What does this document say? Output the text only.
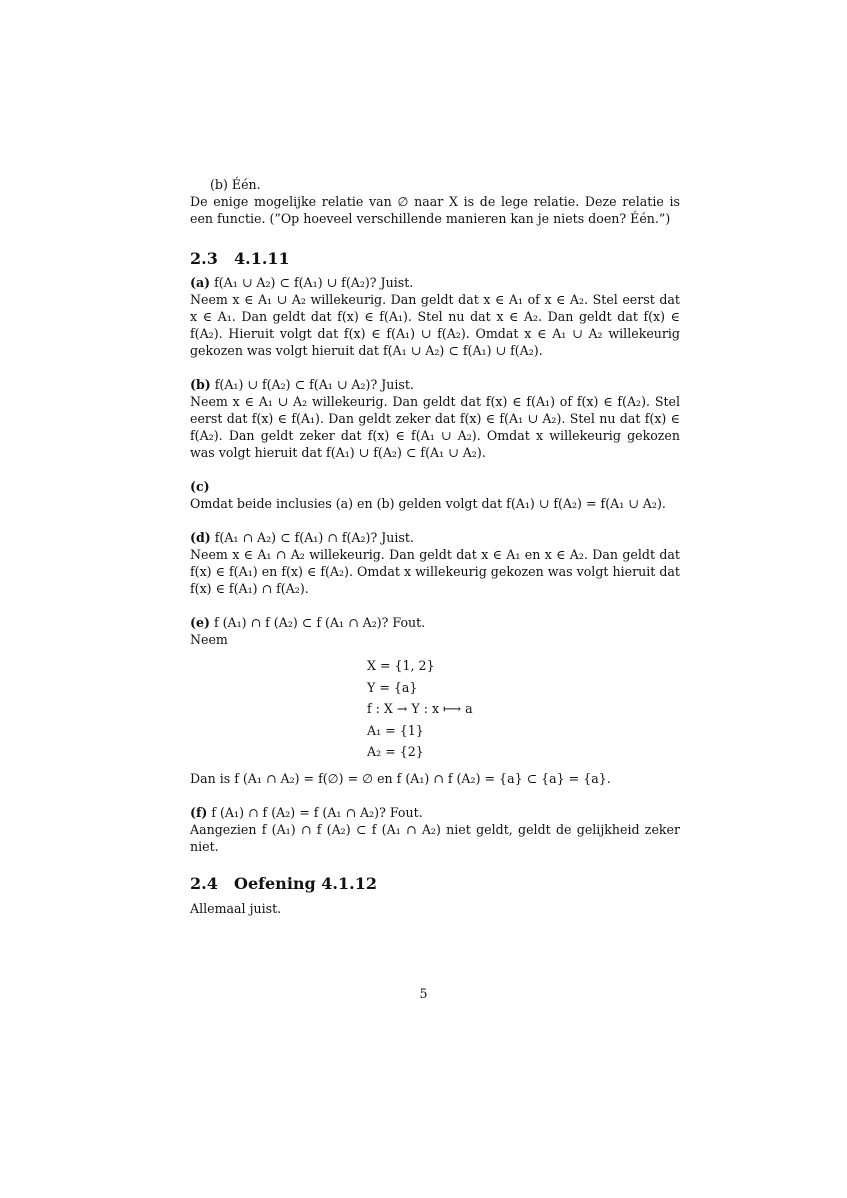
(b) Één.

De enige mogelijke relatie van ∅ naar X is de lege relatie. Deze relatie is een functie. (”Op hoeveel verschillende manieren kan je niets doen? Één.”)

2.3 4.1.11

(a) f(A₁ ∪ A₂) ⊂ f(A₁) ∪ f(A₂)? Juist.

Neem x ∈ A₁ ∪ A₂ willekeurig. Dan geldt dat x ∈ A₁ of x ∈ A₂. Stel eerst dat x ∈ A₁. Dan geldt dat f(x) ∈ f(A₁). Stel nu dat x ∈ A₂. Dan geldt dat f(x) ∈ f(A₂). Hieruit volgt dat f(x) ∈ f(A₁) ∪ f(A₂). Omdat x ∈ A₁ ∪ A₂ willekeurig gekozen was volgt hieruit dat f(A₁ ∪ A₂) ⊂ f(A₁) ∪ f(A₂).

(b) f(A₁) ∪ f(A₂) ⊂ f(A₁ ∪ A₂)? Juist.

Neem x ∈ A₁ ∪ A₂ willekeurig. Dan geldt dat f(x) ∈ f(A₁) of f(x) ∈ f(A₂). Stel eerst dat f(x) ∈ f(A₁). Dan geldt zeker dat f(x) ∈ f(A₁ ∪ A₂). Stel nu dat f(x) ∈ f(A₂). Dan geldt zeker dat f(x) ∈ f(A₁ ∪ A₂). Omdat x willekeurig gekozen was volgt hieruit dat f(A₁) ∪ f(A₂) ⊂ f(A₁ ∪ A₂).

(c)

Omdat beide inclusies (a) en (b) gelden volgt dat f(A₁) ∪ f(A₂) = f(A₁ ∪ A₂).

(d) f(A₁ ∩ A₂) ⊂ f(A₁) ∩ f(A₂)? Juist.

Neem x ∈ A₁ ∩ A₂ willekeurig. Dan geldt dat x ∈ A₁ en x ∈ A₂. Dan geldt dat f(x) ∈ f(A₁) en f(x) ∈ f(A₂). Omdat x willekeurig gekozen was volgt hieruit dat f(x) ∈ f(A₁) ∩ f(A₂).

(e) f (A₁) ∩ f (A₂) ⊂ f (A₁ ∩ A₂)? Fout.

Neem

X = {1, 2}
Y = {a}
f : X → Y : x ⟼ a
A₁ = {1}
A₂ = {2}

Dan is f (A₁ ∩ A₂) = f(∅) = ∅ en f (A₁) ∩ f (A₂) = {a} ⊂ {a} = {a}.

(f) f (A₁) ∩ f (A₂) = f (A₁ ∩ A₂)? Fout.

Aangezien f (A₁) ∩ f (A₂) ⊂ f (A₁ ∩ A₂) niet geldt, geldt de gelijkheid zeker niet.

2.4 Oefening 4.1.12

Allemaal juist.

5
